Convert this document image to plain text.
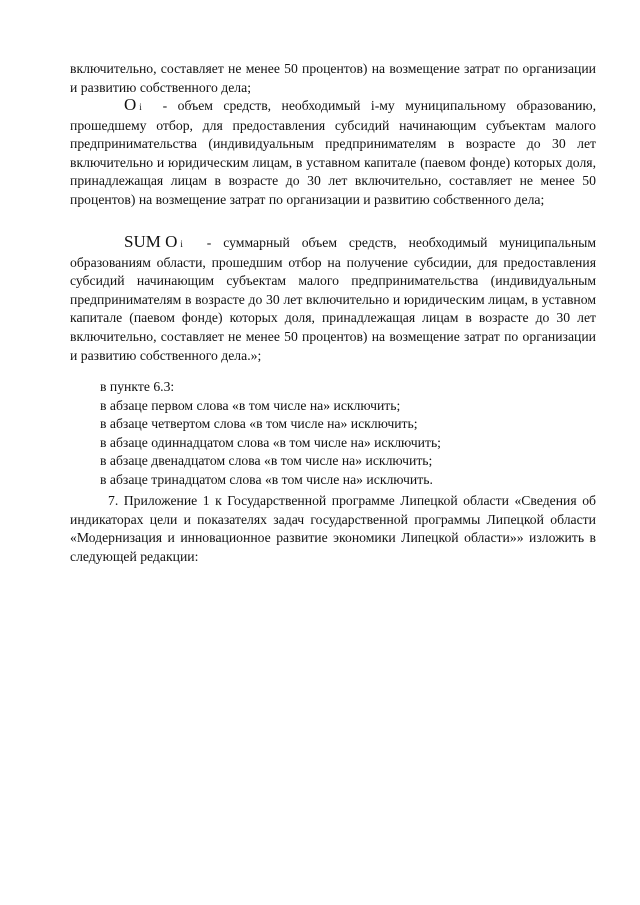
включительно, составляет не менее 50 процентов) на возмещение затрат по организации и развитию собственного дела;

O i - объем средств, необходимый i-му муниципальному образованию, прошедшему отбор, для предоставления субсидий начинающим субъектам малого предпринимательства (индивидуальным предпринимателям в возрасте до 30 лет включительно и юридическим лицам, в уставном капитале (паевом фонде) которых доля, принадлежащая лицам в возрасте до 30 лет включительно, составляет не менее 50 процентов) на возмещение затрат по организации и развитию собственного дела;

SUM O i - суммарный объем средств, необходимый муниципальным образованиям области, прошедшим отбор на получение субсидии, для предоставления субсидий начинающим субъектам малого предпринимательства (индивидуальным предпринимателям в возрасте до 30 лет включительно и юридическим лицам, в уставном капитале (паевом фонде) которых доля, принадлежащая лицам в возрасте до 30 лет включительно, составляет не менее 50 процентов) на возмещение затрат по организации и развитию собственного дела.»;

в пункте 6.3:

в абзаце первом слова «в том числе на» исключить;

в абзаце четвертом слова «в том числе на» исключить;

в абзаце одиннадцатом слова «в том числе на» исключить;

в абзаце двенадцатом слова «в том числе на» исключить;

в абзаце тринадцатом слова «в том числе на» исключить.

7. Приложение 1 к Государственной программе Липецкой области «Сведения об индикаторах цели и показателях задач государственной программы Липецкой области «Модернизация и инновационное развитие экономики Липецкой области»» изложить в следующей редакции:
